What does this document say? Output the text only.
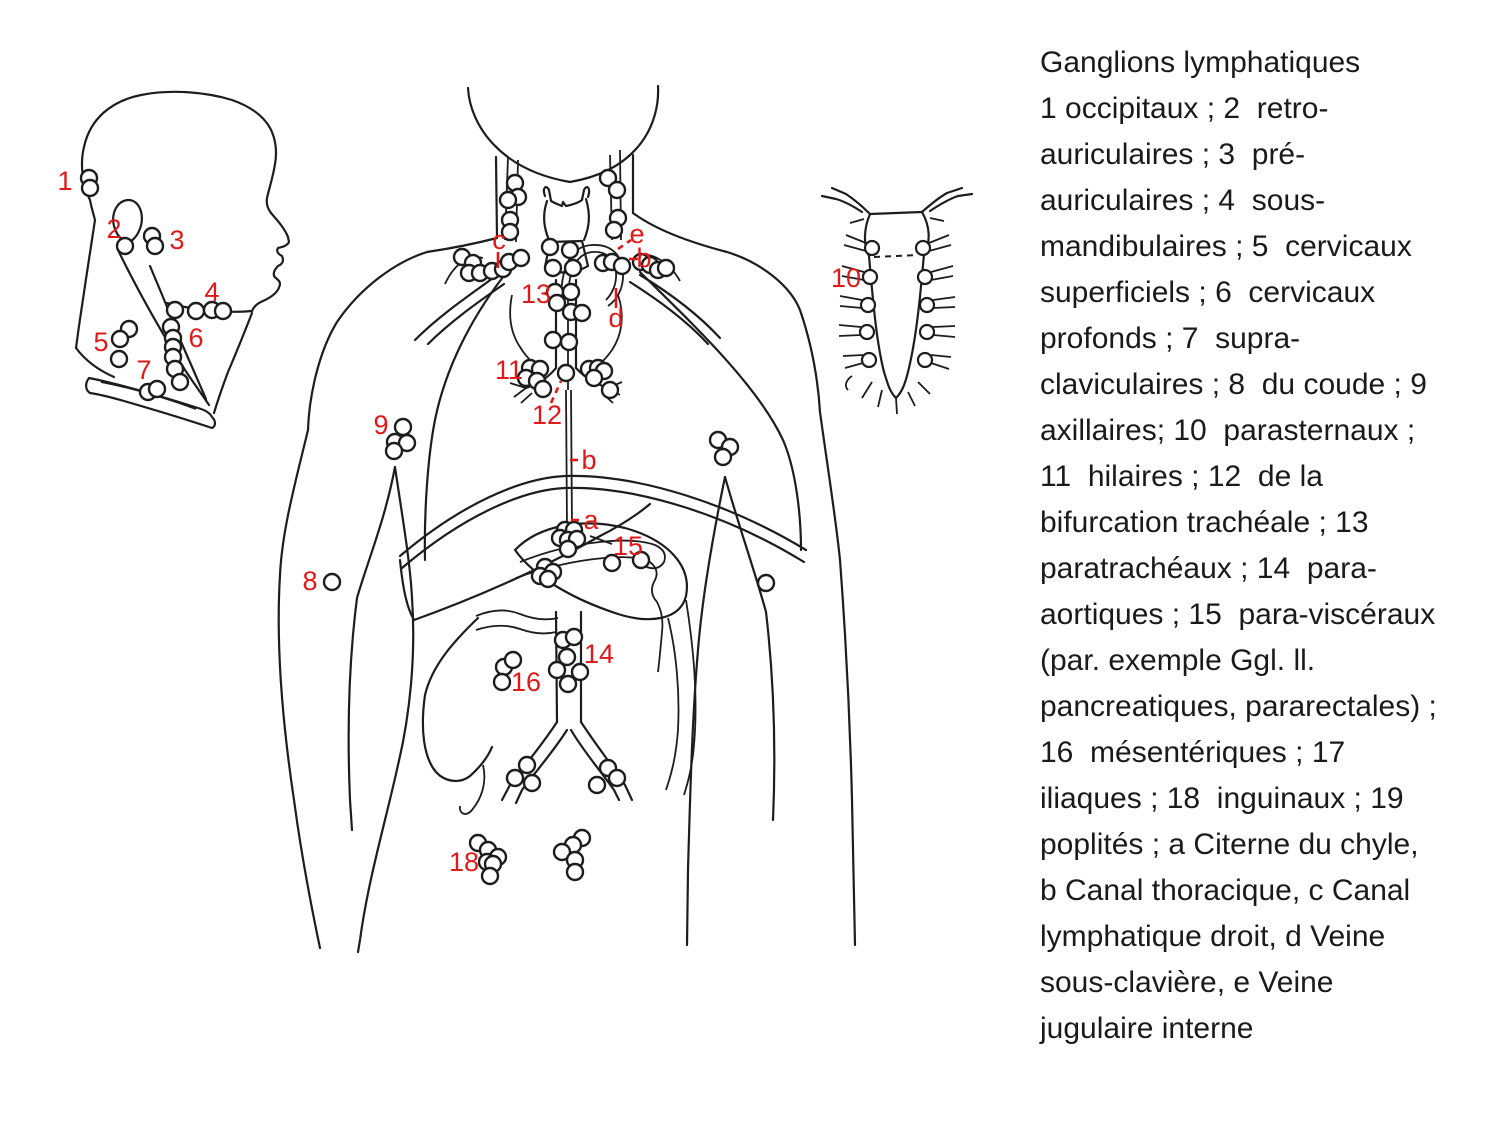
1
2 3
4
5	6
7
c	e
b
d
13
11
12
9
b
a
15
8
14
16
18
10
Ganglions lymphatiques
1 occipitaux ; 2  retro-
auriculaires ; 3  pré-
auriculaires ; 4  sous-
mandibulaires ; 5  cervicaux
superficiels ; 6  cervicaux
profonds ; 7  supra-
claviculaires ; 8  du coude ; 9
axillaires; 10  parasternaux ;
11  hilaires ; 12  de la
bifurcation trachéale ; 13
paratrachéaux ; 14  para-
aortiques ; 15  para-viscéraux
(par. exemple Ggl. ll.
pancreatiques, pararectales) ;
16  mésentériques ; 17
iliaques ; 18  inguinaux ; 19
poplités ; a Citerne du chyle,
b Canal thoracique, c Canal
lymphatique droit, d Veine
sous-clavière, e Veine
jugulaire interne
